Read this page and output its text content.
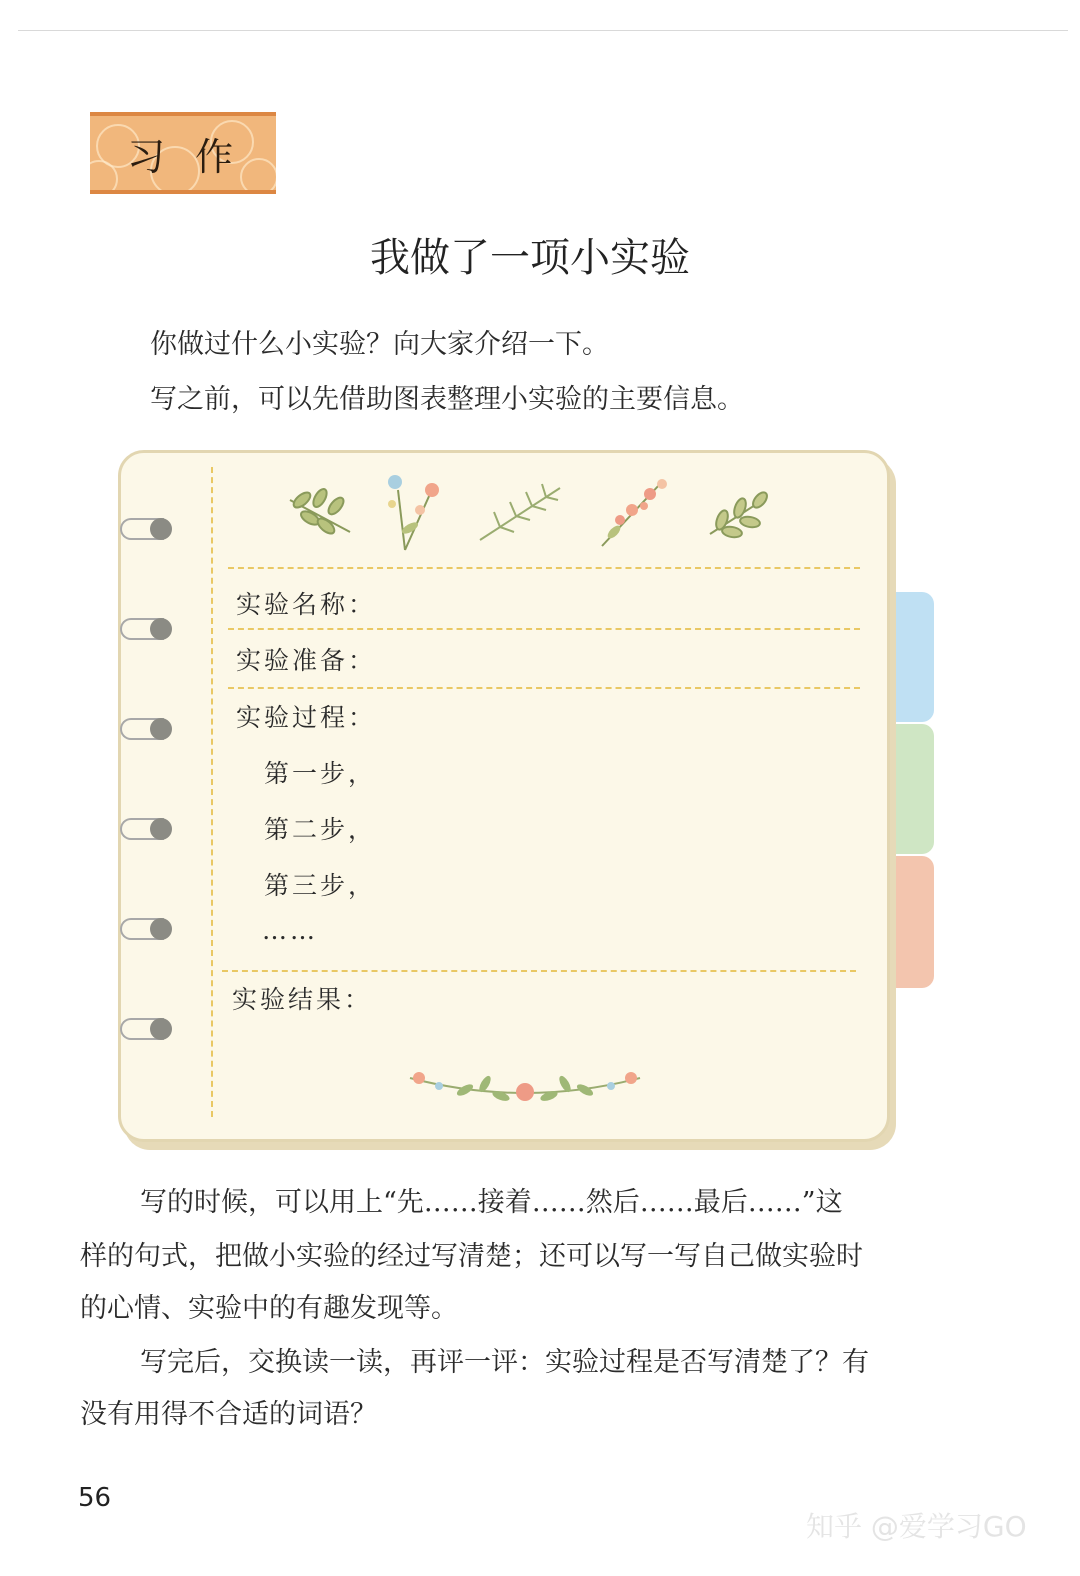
习作
我做了一项小实验
你做过什么小实验？向大家介绍一下。
写之前，可以先借助图表整理小实验的主要信息。
实验名称：
实验准备：
实验过程：
第一步，
第二步，
第三步，
……
实验结果：
写的时候，可以用上“先……接着……然后……最后……”这
样的句式，把做小实验的经过写清楚；还可以写一写自己做实验时
的心情、实验中的有趣发现等。
写完后，交换读一读，再评一评：实验过程是否写清楚了？有
没有用得不合适的词语？
56
知乎 @爱学习GO
